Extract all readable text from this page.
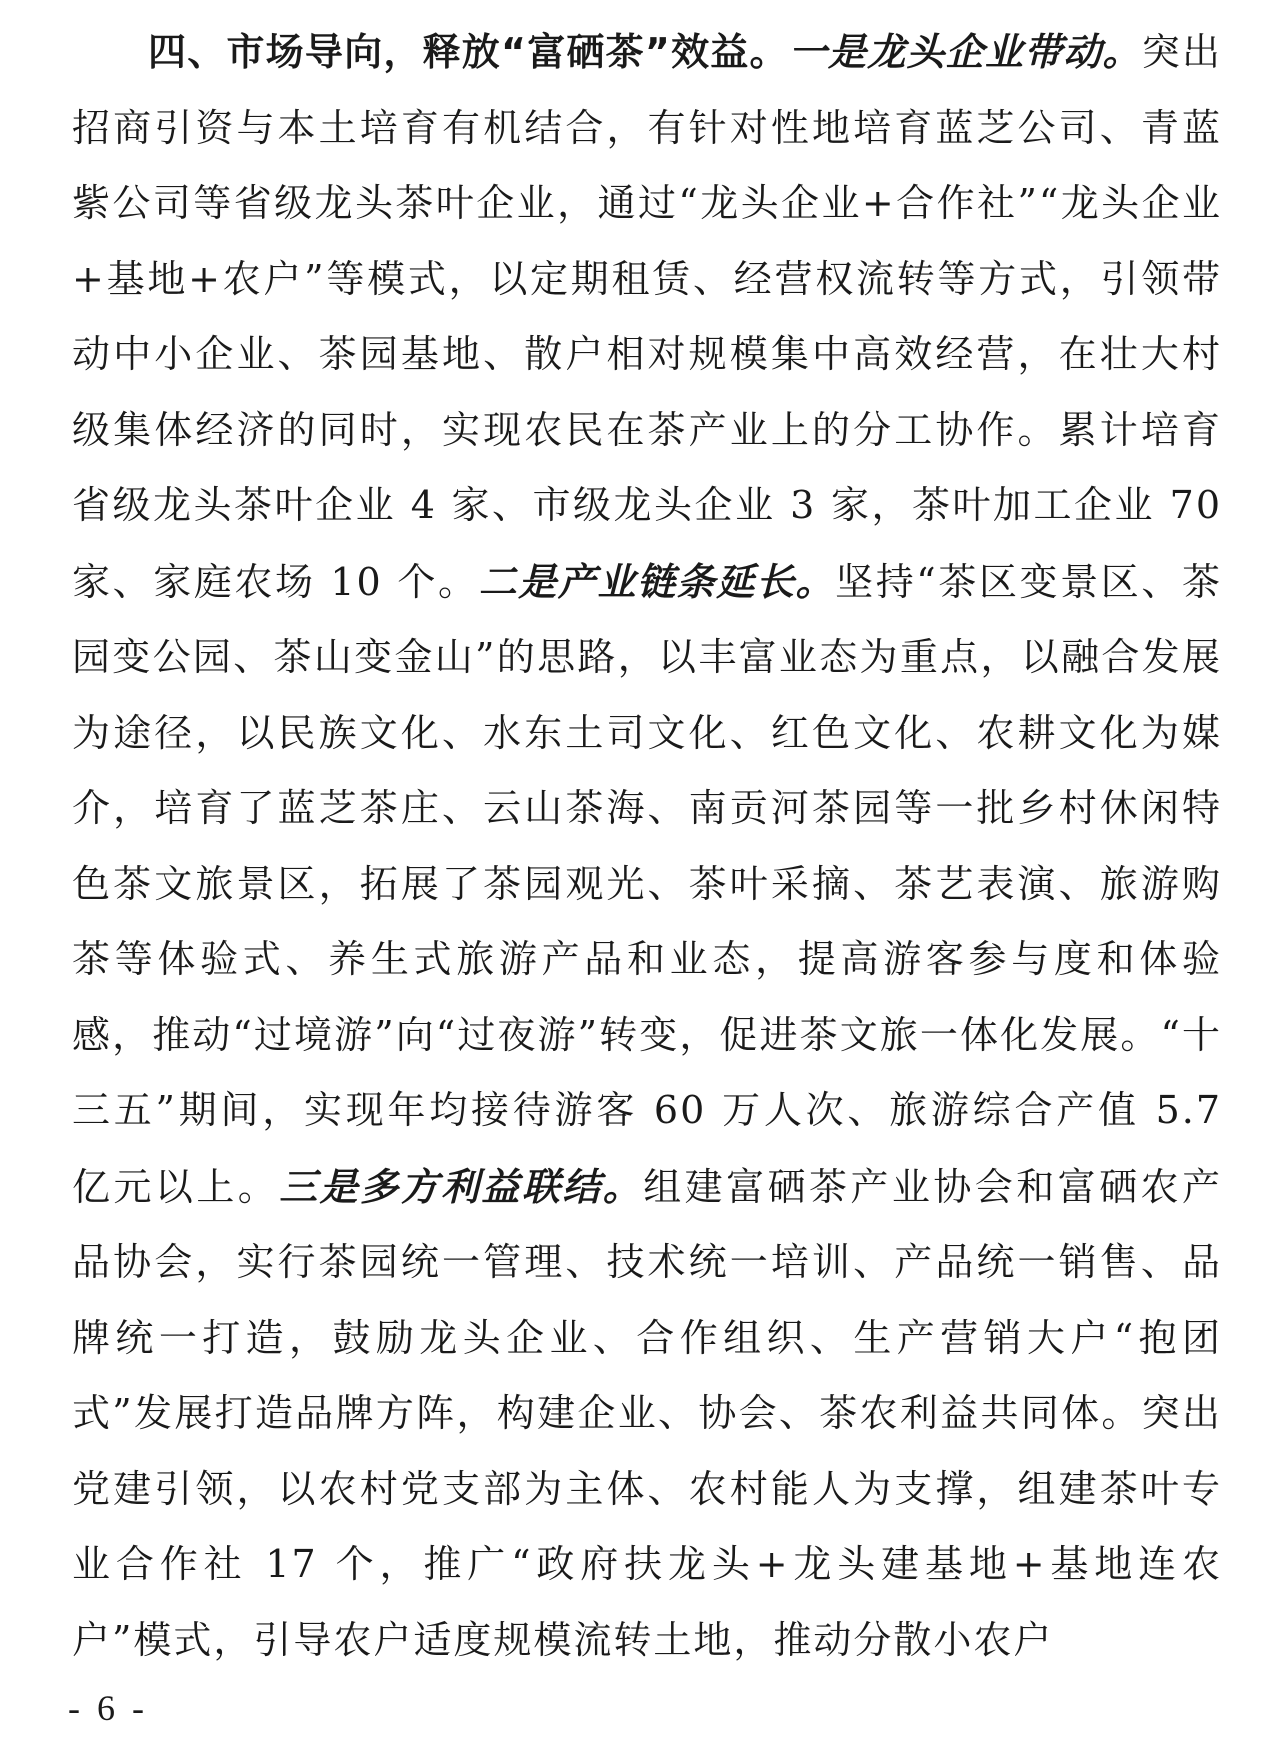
四、市场导向，释放“富硒茶”效益。一是龙头企业带动。突出招商引资与本土培育有机结合，有针对性地培育蓝芝公司、青蓝紫公司等省级龙头茶叶企业，通过“龙头企业+合作社”“龙头企业+基地+农户”等模式，以定期租赁、经营权流转等方式，引领带动中小企业、茶园基地、散户相对规模集中高效经营，在壮大村级集体经济的同时，实现农民在茶产业上的分工协作。累计培育省级龙头茶叶企业 4 家、市级龙头企业 3 家，茶叶加工企业 70 家、家庭农场 10 个。二是产业链条延长。坚持“茶区变景区、茶园变公园、茶山变金山”的思路，以丰富业态为重点，以融合发展为途径，以民族文化、水东土司文化、红色文化、农耕文化为媒介，培育了蓝芝茶庄、云山茶海、南贡河茶园等一批乡村休闲特色茶文旅景区，拓展了茶园观光、茶叶采摘、茶艺表演、旅游购茶等体验式、养生式旅游产品和业态，提高游客参与度和体验感，推动“过境游”向“过夜游”转变，促进茶文旅一体化发展。“十三五”期间，实现年均接待游客 60 万人次、旅游综合产值 5.7 亿元以上。三是多方利益联结。组建富硒茶产业协会和富硒农产品协会，实行茶园统一管理、技术统一培训、产品统一销售、品牌统一打造，鼓励龙头企业、合作组织、生产营销大户“抱团式”发展打造品牌方阵，构建企业、协会、茶农利益共同体。突出党建引领，以农村党支部为主体、农村能人为支撑，组建茶叶专业合作社 17 个，推广“政府扶龙头+龙头建基地+基地连农户”模式，引导农户适度规模流转土地，推动分散小农户

- 6 -
